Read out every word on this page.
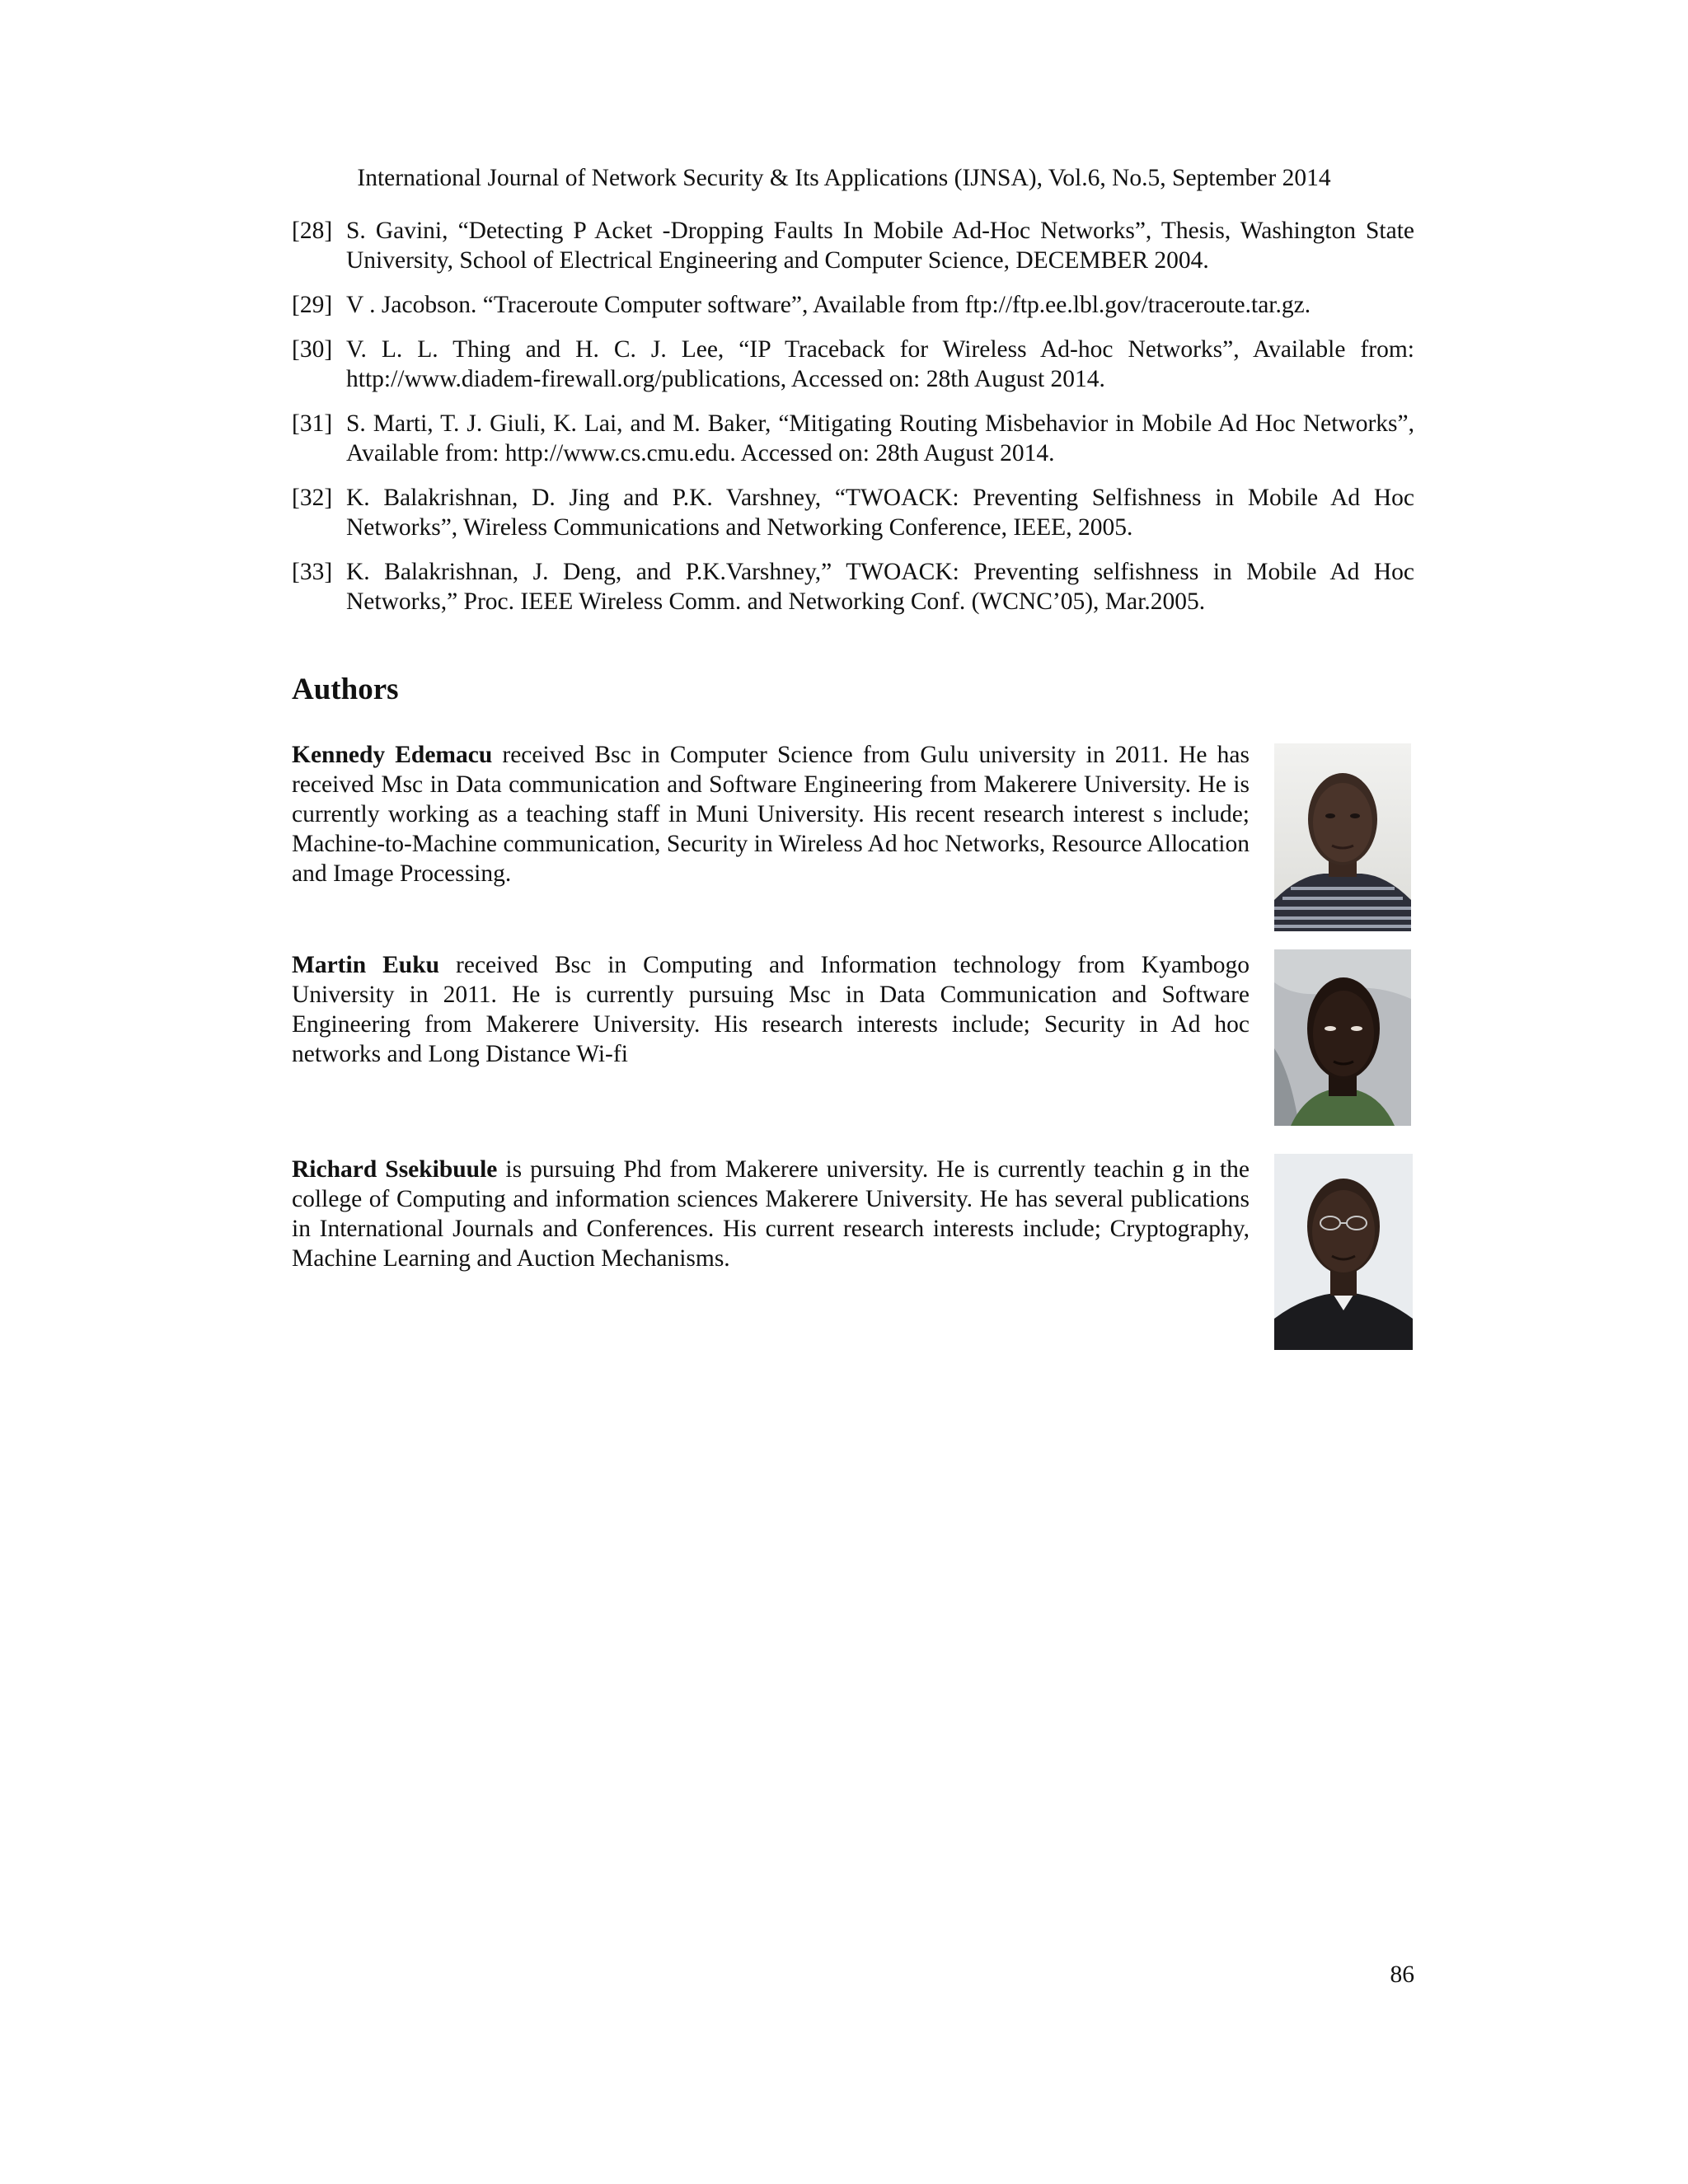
International Journal of Network Security & Its Applications (IJNSA), Vol.6, No.5, September 2014
[28] S. Gavini, “Detecting P Acket -Dropping Faults In Mobile Ad-Hoc Networks”, Thesis, Washington State University, School of Electrical Engineering and Computer Science, DECEMBER 2004.
[29] V . Jacobson. “Traceroute Computer software”, Available from ftp://ftp.ee.lbl.gov/traceroute.tar.gz.
[30] V. L. L. Thing and H. C. J. Lee, “IP Traceback for Wireless Ad-hoc Networks”, Available from: http://www.diadem-firewall.org/publications, Accessed on: 28th August 2014.
[31] S. Marti, T. J. Giuli, K. Lai, and M. Baker, “Mitigating Routing Misbehavior in Mobile Ad Hoc Networks”, Available from: http://www.cs.cmu.edu. Accessed on: 28th August 2014.
[32] K. Balakrishnan, D. Jing and P.K. Varshney, “TWOACK: Preventing Selfishness in Mobile Ad Hoc Networks”, Wireless Communications and Networking Conference, IEEE, 2005.
[33] K. Balakrishnan, J. Deng, and P.K.Varshney,” TWOACK: Preventing selfishness in Mobile Ad Hoc Networks,” Proc. IEEE Wireless Comm. and Networking Conf. (WCNC’05), Mar.2005.
Authors
Kennedy Edemacu received Bsc in Computer Science from Gulu university in 2011. He has received Msc in Data communication and Software Engineering from Makerere University. He is currently working as a teaching staff in Muni University. His recent research interest s include; Machine-to-Machine communication, Security in Wireless Ad hoc Networks, Resource Allocation and Image Processing.
Martin Euku received Bsc in Computing and Information technology from Kyambogo University in 2011. He is currently pursuing Msc in Data Communication and Software Engineering from Makerere University. His research interests include; Security in Ad hoc networks and Long Distance Wi-fi
Richard Ssekibuule is pursuing Phd from Makerere university. He is currently teachin g in the college of Computing and information sciences Makerere University. He has several publications in International Journals and Conferences. His current research interests include; Cryptography, Machine Learning and Auction Mechanisms.
86
